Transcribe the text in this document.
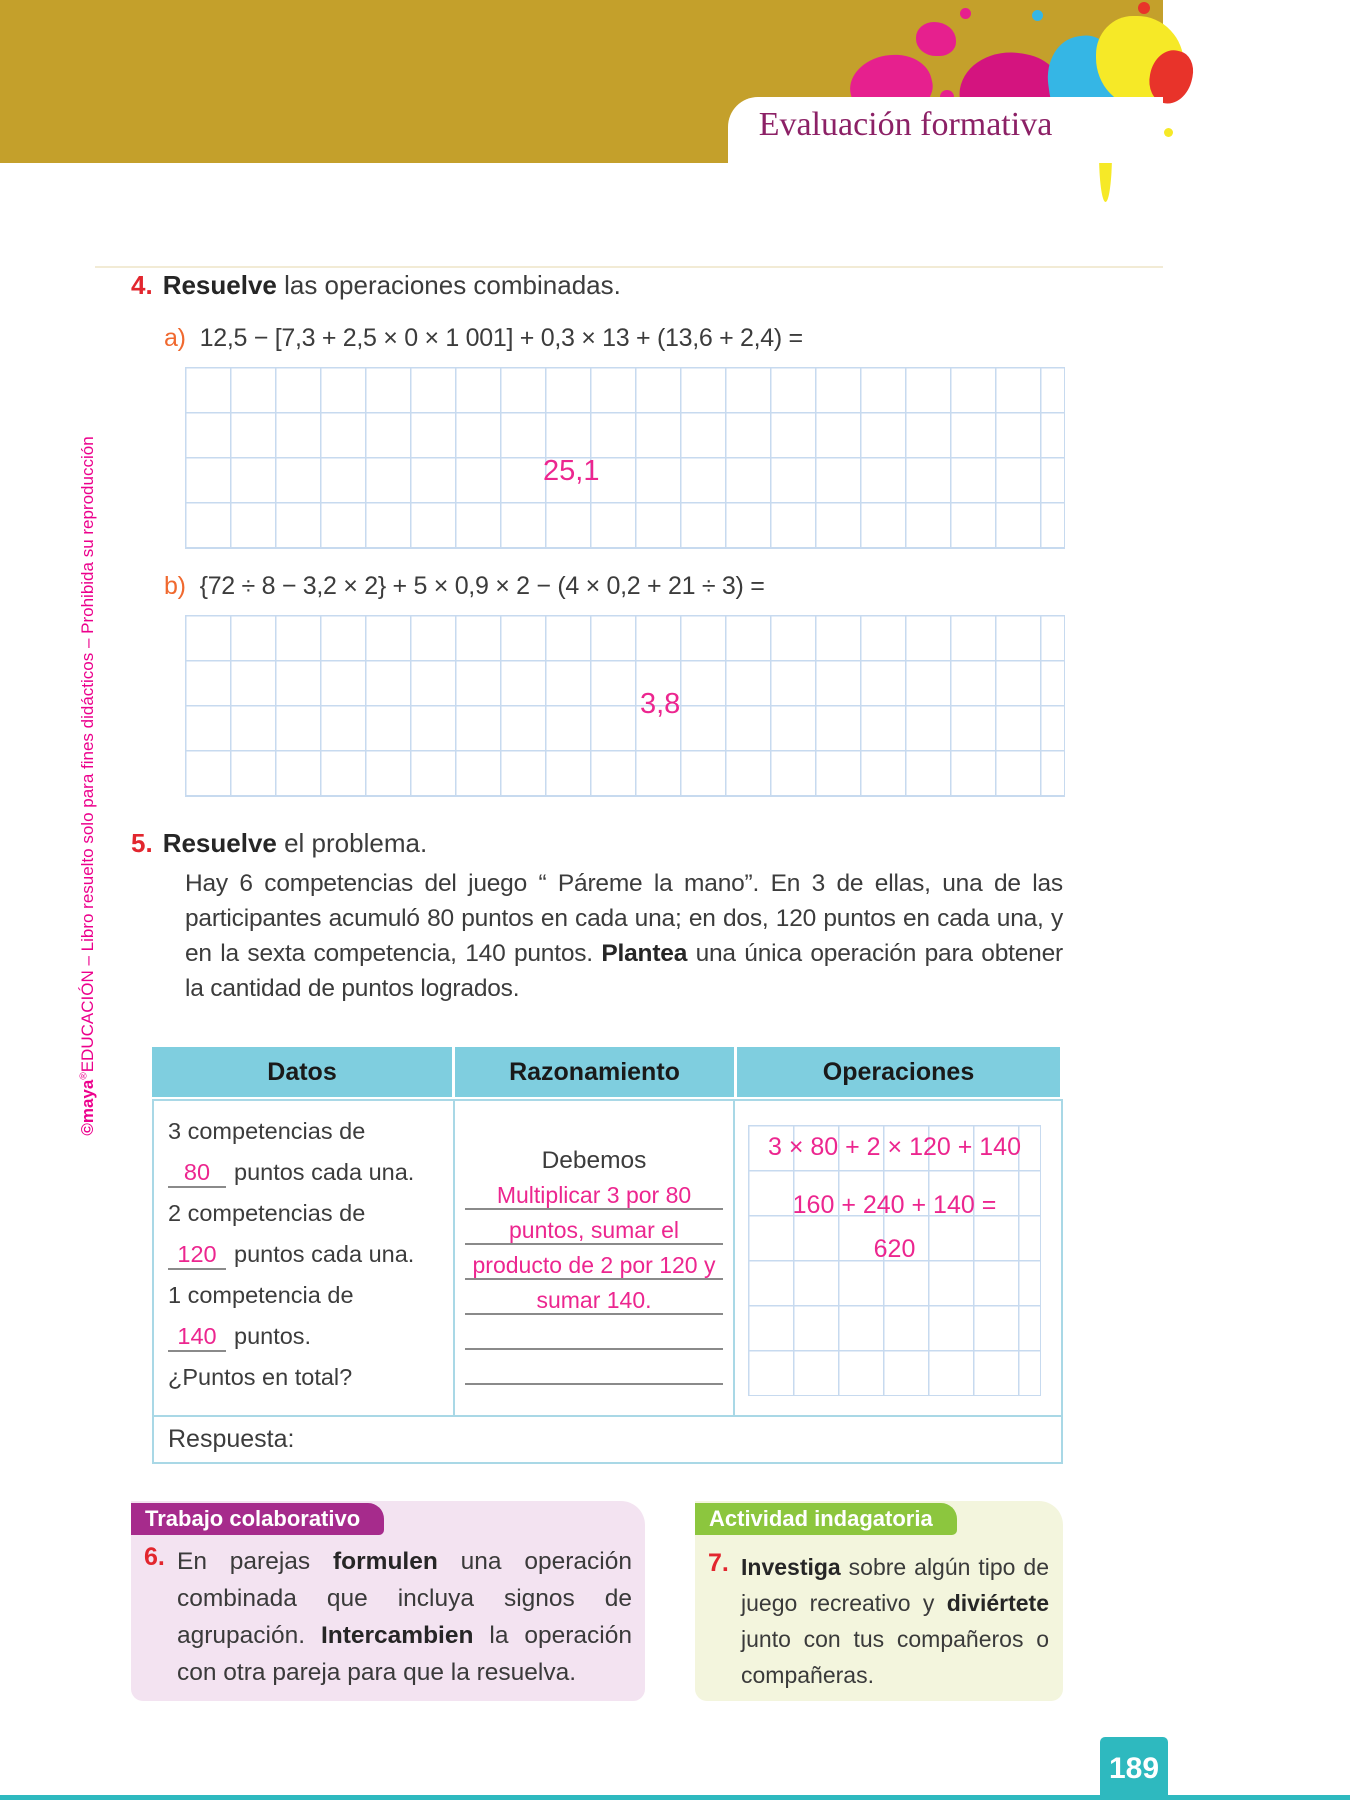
Evaluación formativa
©maya®EDUCACIÓN – Libro resuelto solo para fines didácticos – Prohibida su reproducción
4. Resuelve las operaciones combinadas.
a) 12,5 − [7,3 + 2,5 × 0 × 1 001] + 0,3 × 13 + (13,6 + 2,4) =
25,1
b) {72 ÷ 8 − 3,2 × 2} + 5 × 0,9 × 2 − (4 × 0,2 + 21 ÷ 3) =
3,8
5. Resuelve el problema.
Hay 6 competencias del juego “ Páreme la mano”. En 3 de ellas, una de las participantes acumuló 80 puntos en cada una; en dos, 120 puntos en cada una, y en la sexta competencia, 140 puntos. Plantea una única operación para obtener la cantidad de puntos logrados.
Datos	Razonamiento	Operaciones
3 competencias de
80 puntos cada una.
2 competencias de
120 puntos cada una.
1 competencia de
140 puntos.
¿Puntos en total?
Debemos
Multiplicar 3 por 80
puntos, sumar el
producto de 2 por 120 y
sumar 140.
3 × 80 + 2 × 120 + 140
160 + 240 + 140 =
620
Respuesta:
Trabajo colaborativo
6. En parejas formulen una operación combinada que incluya signos de agrupación. Intercambien la operación con otra pareja para que la resuelva.
Actividad indagatoria
7. Investiga sobre algún tipo de juego recreativo y diviértete junto con tus compañeros o compañeras.
189
